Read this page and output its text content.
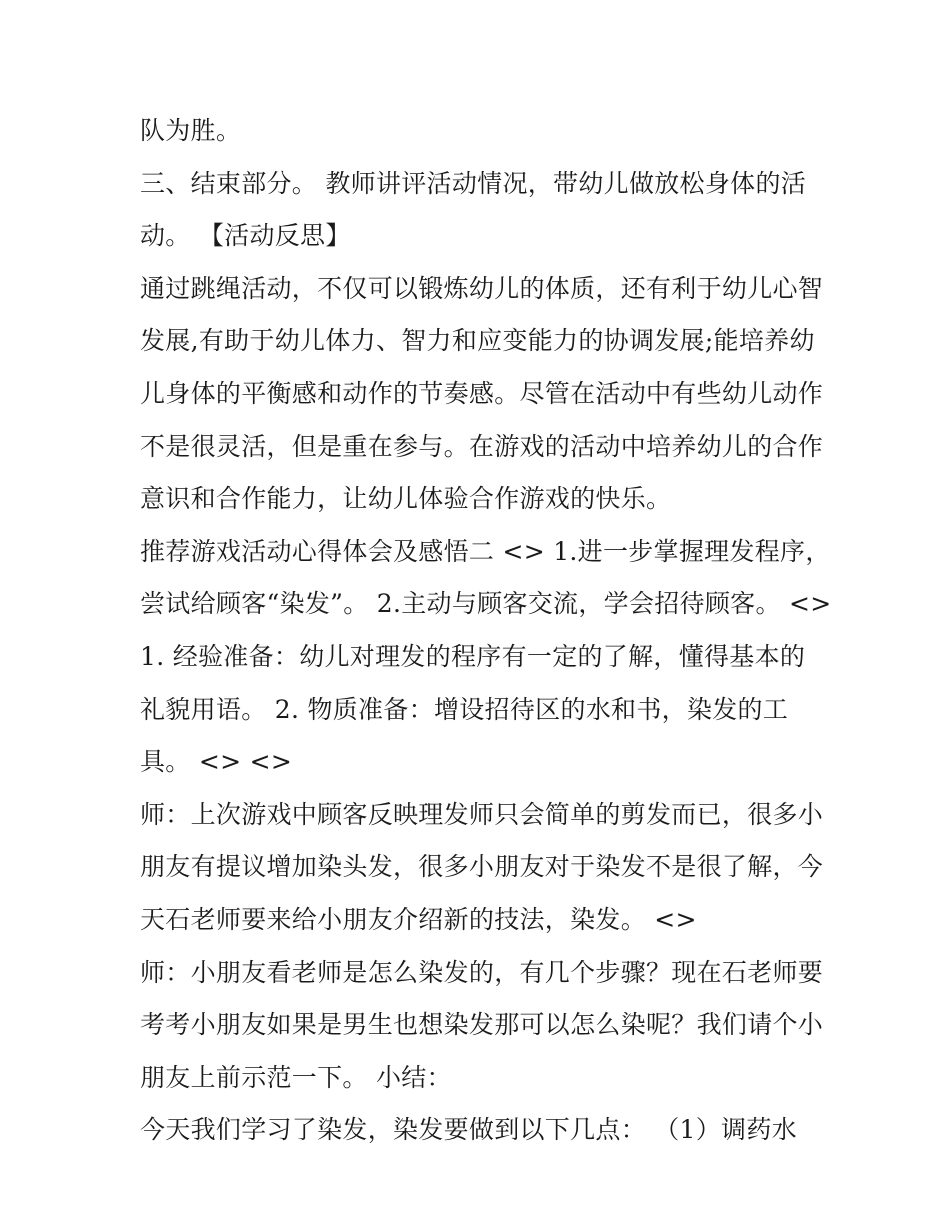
队为胜。
三、结束部分。 教师讲评活动情况，带幼儿做放松身体的活
动。 【活动反思】
通过跳绳活动，不仅可以锻炼幼儿的体质，还有利于幼儿心智
发展,有助于幼儿体力、智力和应变能力的协调发展;能培养幼
儿身体的平衡感和动作的节奏感。尽管在活动中有些幼儿动作
不是很灵活，但是重在参与。在游戏的活动中培养幼儿的合作
意识和合作能力，让幼儿体验合作游戏的快乐。
推荐游戏活动心得体会及感悟二 <> 1.进一步掌握理发程序，
尝试给顾客“染发”。 2.主动与顾客交流，学会招待顾客。 <>
1. 经验准备：幼儿对理发的程序有一定的了解，懂得基本的
礼貌用语。 2. 物质准备：增设招待区的水和书，染发的工
具。 <> <>
师：上次游戏中顾客反映理发师只会简单的剪发而已，很多小
朋友有提议增加染头发，很多小朋友对于染发不是很了解，今
天石老师要来给小朋友介绍新的技法，染发。 <>
师：小朋友看老师是怎么染发的，有几个步骤？现在石老师要
考考小朋友如果是男生也想染发那可以怎么染呢？我们请个小
朋友上前示范一下。 小结：
今天我们学习了染发，染发要做到以下几点： （1）调药水
